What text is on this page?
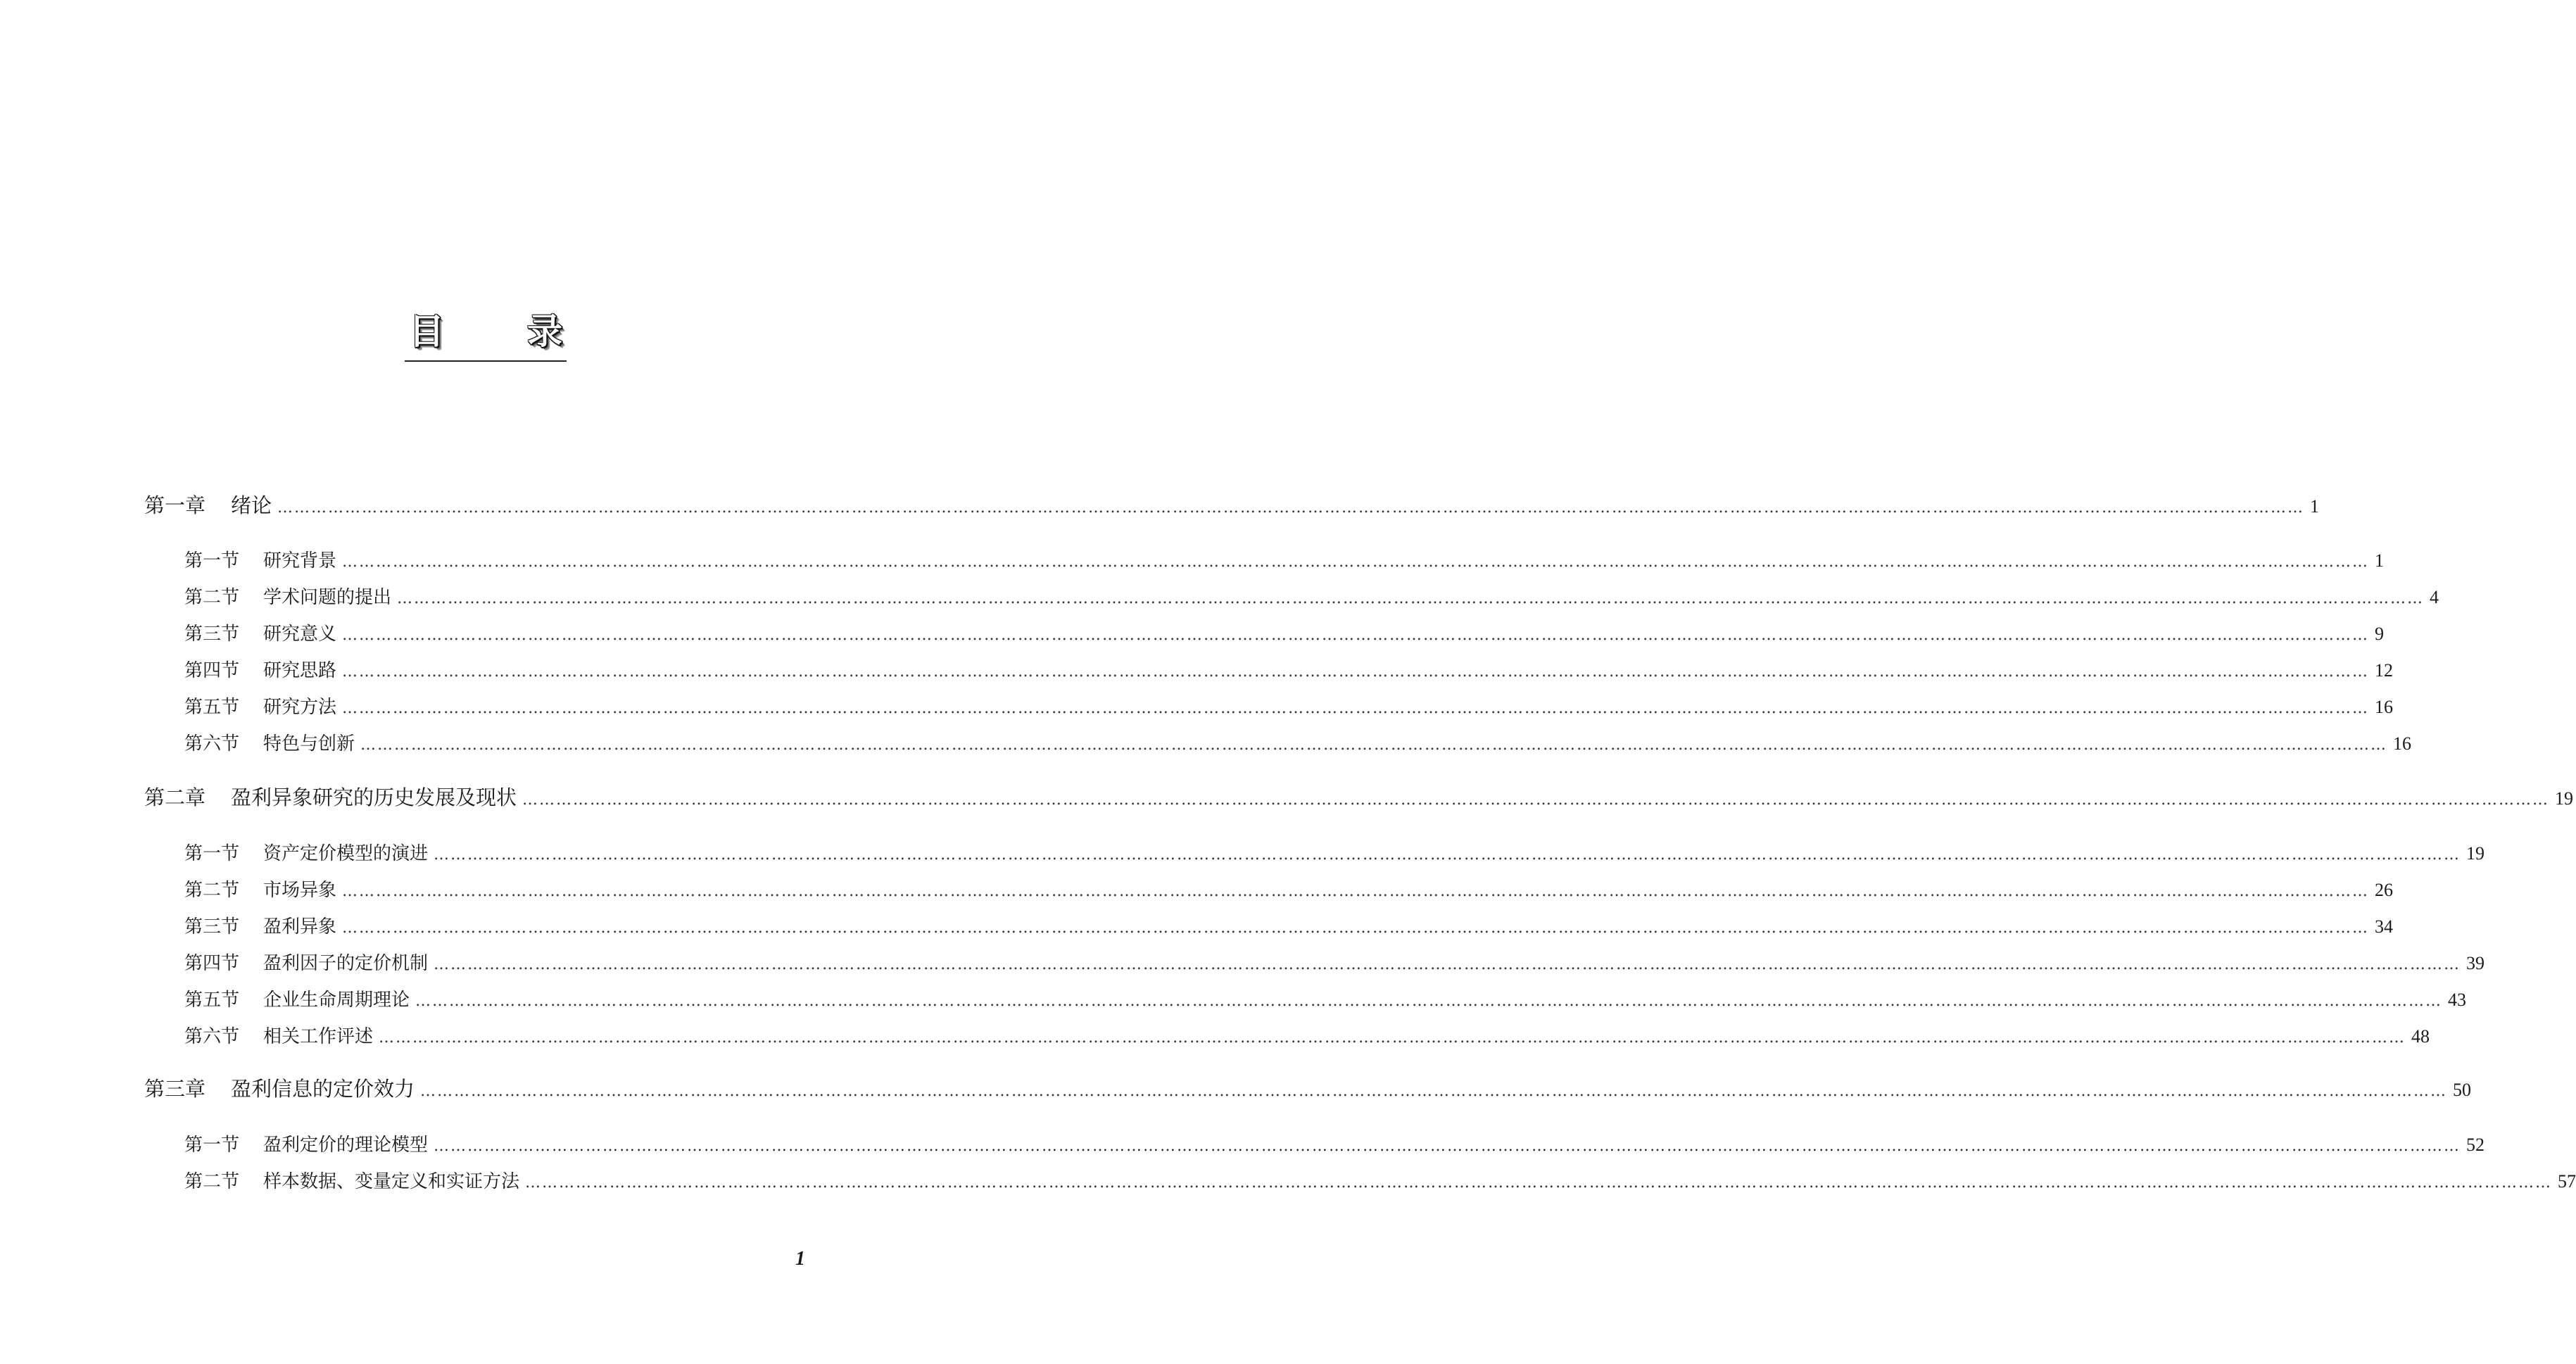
目 录
第一章 绪论 ……………………………………………………………………………………………………………………………………………………………………………………………………………………………………………………………………………………………………………………………… 1
第一节 研究背景 ……………………………………………………………………………………………………………………………………………………………………………………………………………………………………………………………………………………………………………………………… 1
第二节 学术问题的提出 ……………………………………………………………………………………………………………………………………………………………………………………………………………………………………………………………………………………………………………………………… 4
第三节 研究意义 ……………………………………………………………………………………………………………………………………………………………………………………………………………………………………………………………………………………………………………………………… 9
第四节 研究思路 ……………………………………………………………………………………………………………………………………………………………………………………………………………………………………………………………………………………………………………………………… 12
第五节 研究方法 ……………………………………………………………………………………………………………………………………………………………………………………………………………………………………………………………………………………………………………………………… 16
第六节 特色与创新 ……………………………………………………………………………………………………………………………………………………………………………………………………………………………………………………………………………………………………………………………… 16
第二章 盈利异象研究的历史发展及现状 ……………………………………………………………………………………………………………………………………………………………………………………………………………………………………………………………………………………………………………………………… 19
第一节 资产定价模型的演进 ……………………………………………………………………………………………………………………………………………………………………………………………………………………………………………………………………………………………………………………………… 19
第二节 市场异象 ……………………………………………………………………………………………………………………………………………………………………………………………………………………………………………………………………………………………………………………………… 26
第三节 盈利异象 ……………………………………………………………………………………………………………………………………………………………………………………………………………………………………………………………………………………………………………………………… 34
第四节 盈利因子的定价机制 ……………………………………………………………………………………………………………………………………………………………………………………………………………………………………………………………………………………………………………………………… 39
第五节 企业生命周期理论 ……………………………………………………………………………………………………………………………………………………………………………………………………………………………………………………………………………………………………………………………… 43
第六节 相关工作评述 ……………………………………………………………………………………………………………………………………………………………………………………………………………………………………………………………………………………………………………………………… 48
第三章 盈利信息的定价效力 ……………………………………………………………………………………………………………………………………………………………………………………………………………………………………………………………………………………………………………………………… 50
第一节 盈利定价的理论模型 ……………………………………………………………………………………………………………………………………………………………………………………………………………………………………………………………………………………………………………………………… 52
第二节 样本数据、变量定义和实证方法 ……………………………………………………………………………………………………………………………………………………………………………………………………………………………………………………………………………………………………………………………… 57
1
